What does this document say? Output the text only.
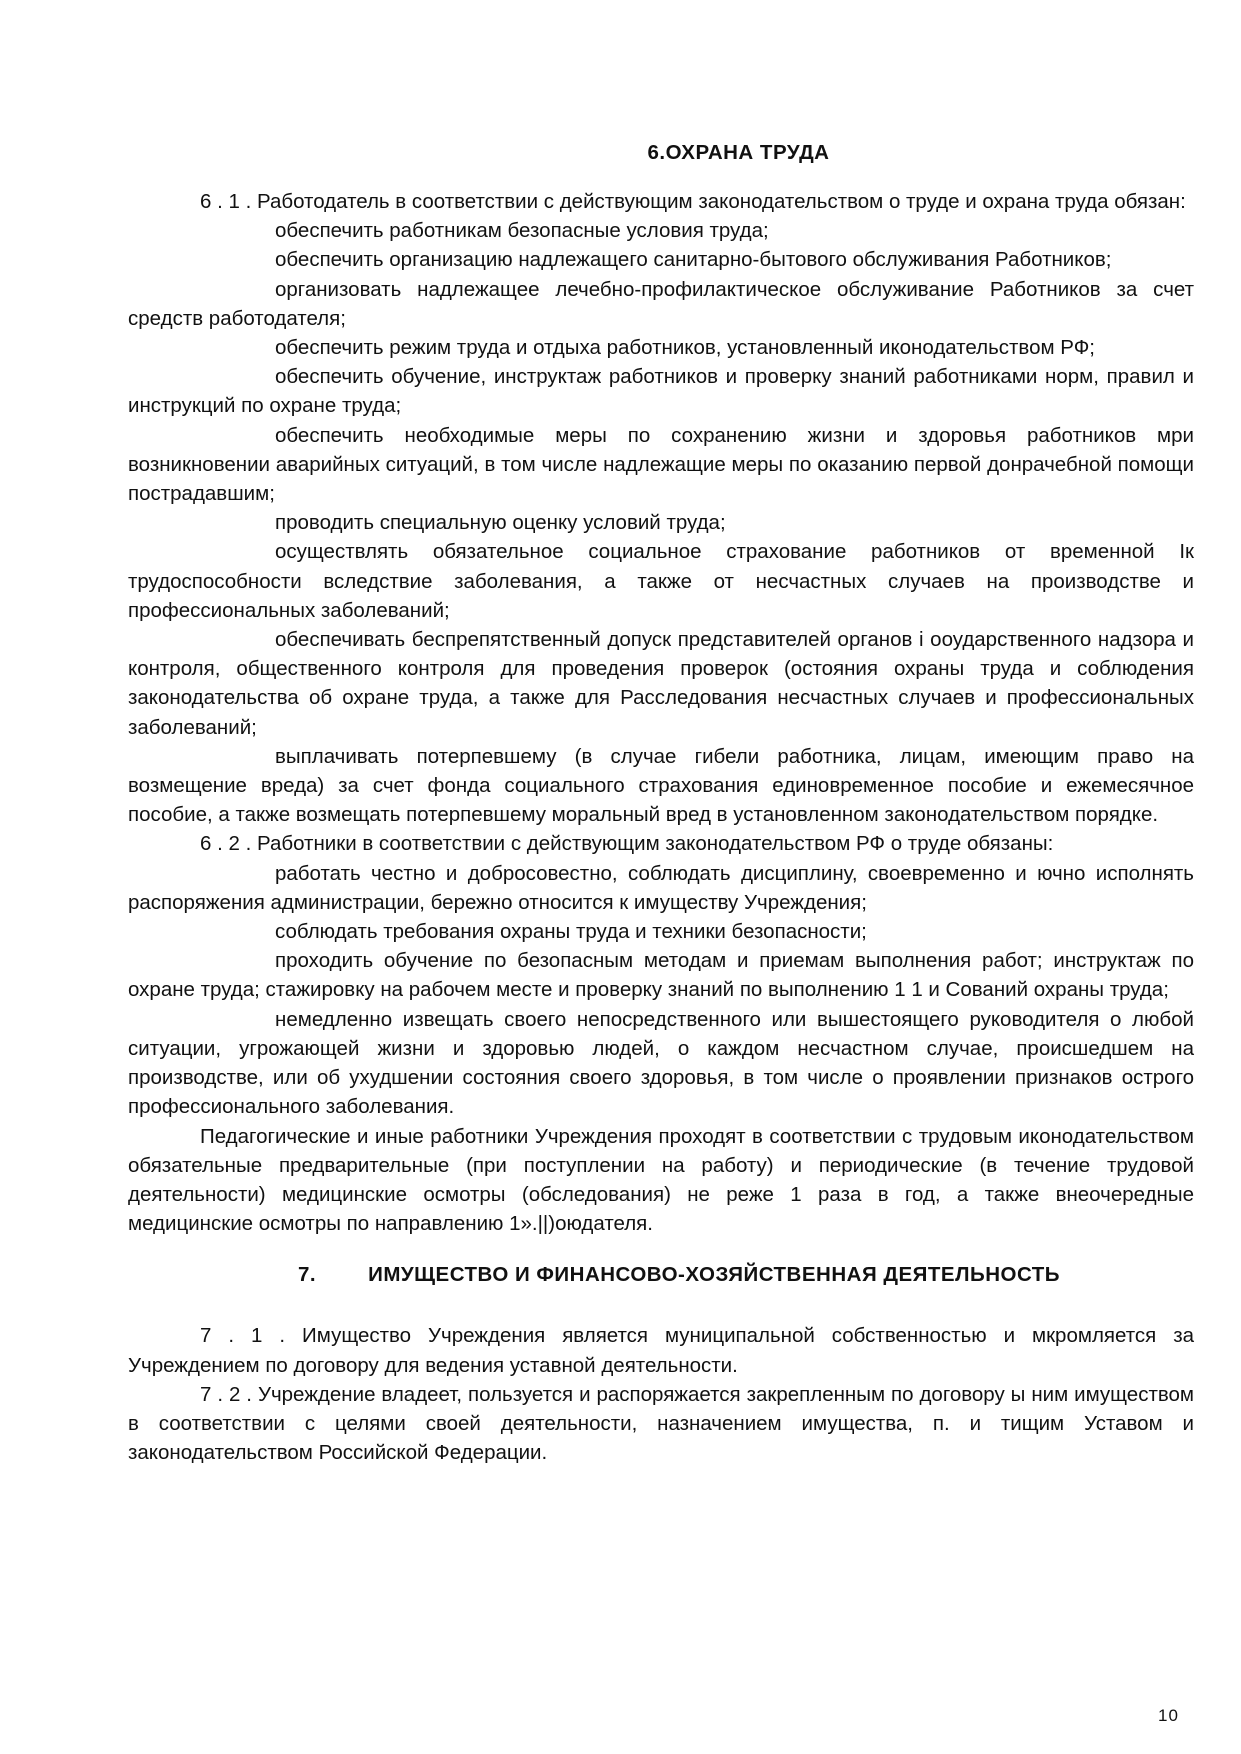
6.ОХРАНА ТРУДА

6 . 1 . Работодатель в соответствии с действующим законодательством о труде и охрана труда обязан:

обеспечить работникам безопасные условия труда;

обеспечить организацию надлежащего санитарно-бытового обслуживания Работников;

организовать надлежащее лечебно-профилактическое обслуживание Работников за счет средств работодателя;

обеспечить режим труда и отдыха работников, установленный иконодательством РФ;

обеспечить обучение, инструктаж работников и проверку знаний работниками норм, правил и инструкций по охране труда;

обеспечить необходимые меры по сохранению жизни и здоровья работников мри возникновении аварийных ситуаций, в том числе надлежащие меры по оказанию первой донрачебной помощи пострадавшим;

проводить специальную оценку условий труда;

осуществлять обязательное социальное страхование работников от временной Iк трудоспособности вследствие заболевания, а также от несчастных случаев на производстве и профессиональных заболеваний;

обеспечивать беспрепятственный допуск представителей органов i ооударственного надзора и контроля, общественного контроля для проведения проверок (остояния охраны труда и соблюдения законодательства об охране труда, а также для Расследования несчастных случаев и профессиональных заболеваний;

выплачивать потерпевшему (в случае гибели работника, лицам, имеющим право на возмещение вреда) за счет фонда социального страхования единовременное пособие и ежемесячное пособие, а также возмещать потерпевшему моральный вред в установленном законодательством порядке.

6 . 2 . Работники в соответствии с действующим законодательством РФ о труде обязаны:

работать честно и добросовестно, соблюдать дисциплину, своевременно и ючно исполнять распоряжения администрации, бережно относится к имуществу Учреждения;

соблюдать требования охраны труда и техники безопасности;

проходить обучение по безопасным методам и приемам выполнения работ; инструктаж по охране труда; стажировку на рабочем месте и проверку знаний по выполнению 1 1 и Сований охраны труда;

немедленно извещать своего непосредственного или вышестоящего руководителя о любой ситуации, угрожающей жизни и здоровью людей, о каждом несчастном случае, происшедшем на производстве, или об ухудшении состояния своего здоровья, в том числе о проявлении признаков острого профессионального заболевания.

Педагогические и иные работники Учреждения проходят в соответствии с трудовым иконодательством обязательные предварительные (при поступлении на работу) и периодические (в течение трудовой деятельности) медицинские осмотры (обследования) не реже 1 раза в год, а также внеочередные медицинские осмотры по направлению 1».||)оюдателя.

7.	ИМУЩЕСТВО И ФИНАНСОВО-ХОЗЯЙСТВЕННАЯ ДЕЯТЕЛЬНОСТЬ

7 . 1 . Имущество Учреждения является муниципальной собственностью и мкромляется за Учреждением по договору для ведения уставной деятельности.

7 . 2 . Учреждение владеет, пользуется и распоряжается закрепленным по договору ы ним имуществом в соответствии с целями своей деятельности, назначением имущества, п. и тищим Уставом и законодательством Российской Федерации.

10
